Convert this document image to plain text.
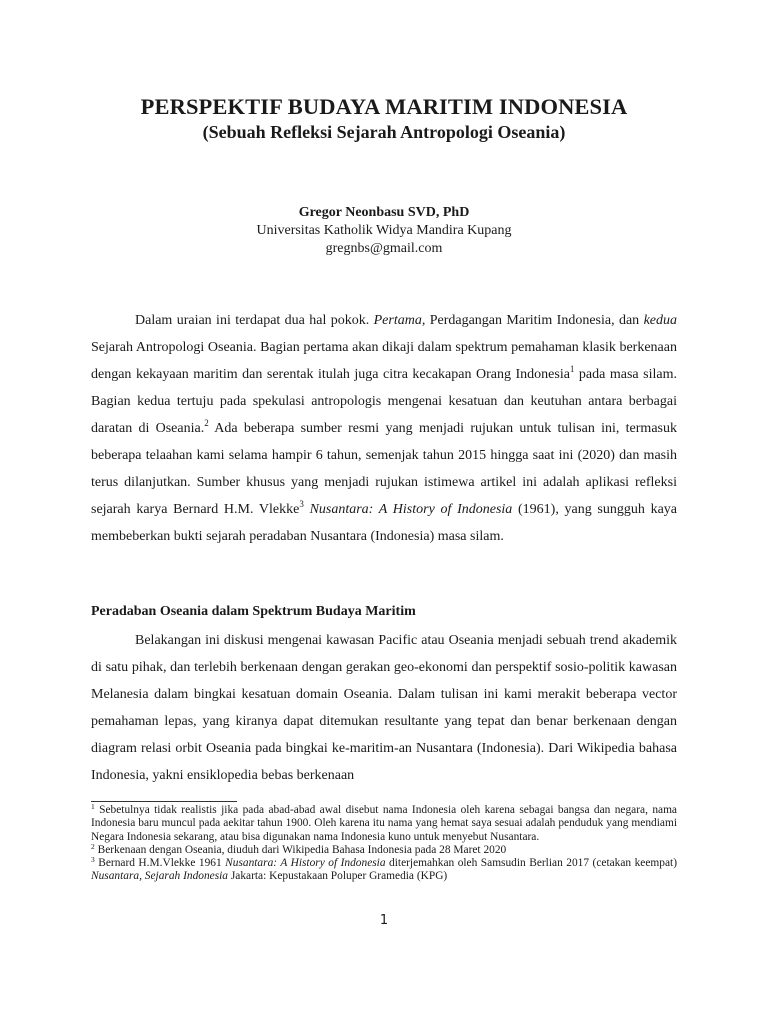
PERSPEKTIF BUDAYA MARITIM INDONESIA
(Sebuah Refleksi Sejarah Antropologi Oseania)
Gregor Neonbasu SVD, PhD
Universitas Katholik Widya Mandira Kupang
gregnbs@gmail.com

Dalam uraian ini terdapat dua hal pokok. Pertama, Perdagangan Maritim Indonesia, dan kedua Sejarah Antropologi Oseania. Bagian pertama akan dikaji dalam spektrum pemahaman klasik berkenaan dengan kekayaan maritim dan serentak itulah juga citra kecakapan Orang Indonesia$^1$ pada masa silam. Bagian kedua tertuju pada spekulasi antropologis mengenai kesatuan dan keutuhan antara berbagai daratan di Oseania.$^2$ Ada beberapa sumber resmi yang menjadi rujukan untuk tulisan ini, termasuk beberapa telaahan kami selama hampir 6 tahun, semenjak tahun 2015 hingga saat ini (2020) dan masih terus dilanjutkan. Sumber khusus yang menjadi rujukan istimewa artikel ini adalah aplikasi refleksi sejarah karya Bernard H.M. Vlekke$^3$ Nusantara: A History of Indonesia (1961), yang sungguh kaya membeberkan bukti sejarah peradaban Nusantara (Indonesia) masa silam.

Peradaban Oseania dalam Spektrum Budaya Maritim

Belakangan ini diskusi mengenai kawasan Pacific atau Oseania menjadi sebuah trend akademik di satu pihak, dan terlebih berkenaan dengan gerakan geo-ekonomi dan perspektif sosio-politik kawasan Melanesia dalam bingkai kesatuan domain Oseania. Dalam tulisan ini kami merakit beberapa vector pemahaman lepas, yang kiranya dapat ditemukan resultante yang tepat dan benar berkenaan dengan diagram relasi orbit Oseania pada bingkai ke-maritim-an Nusantara (Indonesia). Dari Wikipedia bahasa Indonesia, yakni ensiklopedia bebas berkenaan

$^1$ Sebetulnya tidak realistis jika pada abad-abad awal disebut nama Indonesia oleh karena sebagai bangsa dan negara, nama Indonesia baru muncul pada aekitar tahun 1900. Oleh karena itu nama yang hemat saya sesuai adalah penduduk yang mendiami Negara Indonesia sekarang, atau bisa digunakan nama Indonesia kuno untuk menyebut Nusantara.

$^2$ Berkenaan dengan Oseania, diuduh dari Wikipedia Bahasa Indonesia pada 28 Maret 2020

$^3$ Bernard H.M.Vlekke 1961 Nusantara: A History of Indonesia diterjemahkan oleh Samsudin Berlian 2017 (cetakan keempat) Nusantara, Sejarah Indonesia Jakarta: Kepustakaan Poluper Gramedia (KPG)

1
